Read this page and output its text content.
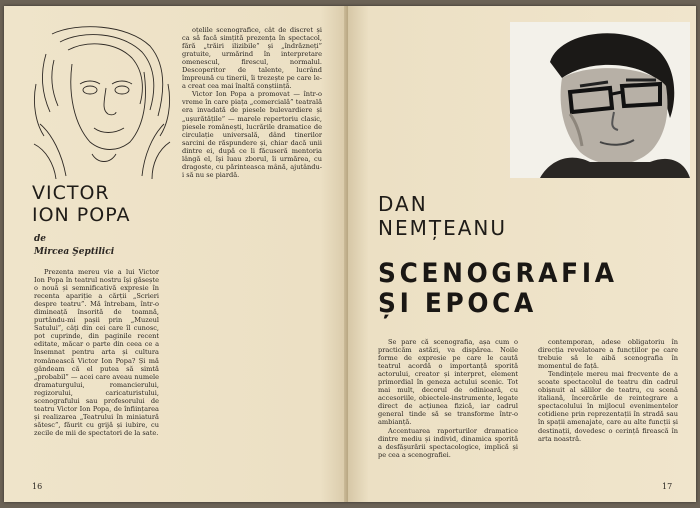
VICTOR
ION POPA
de
Mircea Şeptilici

Prezenta mereu vie a lui Victor Ion Popa în teatrul nostru își găsește o nouă și semnificativă expresie în recenta apariție a cărții „Scrieri despre teatru”. Mă întrebam, într-o dimineață însorită de toamnă, purtându-mi pașii prin „Muzeul Satului”, câți din cei care îl cunosc, pot cuprinde, din paginile recent editate, măcar o parte din ceea ce a însemnat pentru arta și cultura românească Victor Ion Popa? Și mă gândeam că el putea să simtă „probabil” — acei care aveau numele dramaturgului, romancierului, regizorului, caricaturistului, scenografului sau profesorului de teatru Victor Ion Popa, de înființarea și realizarea „Teatrului în miniatură sătesc”, făurit cu grijă și iubire, cu zecile de mii de spectatori de la sate.

oțelile scenografice, cât de discret și ca să facă simțită prezența în spectacol, fără „trăiri ilizibile” și „îndrăzneți” gratuite, urmărind în interpretare omenescul, firescul, normalul. Descoperitor de talente, lucrând împreună cu tinerii, îi trezește pe care le-a creat cea mai înaltă conștiință.

Victor Ion Popa a promovat — într-o vreme în care piața „comercială” teatrală era invadată de piesele bulevardiere și „ușurătățile” — marele repertoriu clasic, piesele românești, lucrările dramatice de circulație universală, dând tinerilor sarcini de răspundere și, chiar dacă unii dintre ei, după ce li făcuseră mentoria lângă el, își luau zborul, îi urmărea, cu dragoste, cu părinteasca mână, ajutându-i să nu se piardă.

16
DAN
NEMȚEANU
SCENOGRAFIA
ȘI EPOCA

Se pare că scenografia, așa cum o practicăm astăzi, va dispărea. Noile forme de expresie pe care le caută teatrul acordă o importanță sporită actorului, creator și interpret, element primordial în geneza actului scenic. Tot mai mult, decorul de odinioară, cu accesoriile, obiectele-instrumente, legate direct de acțiunea fizică, iar cadrul general tinde să se transforme într-o ambianță.

Accentuarea raporturilor dramatice dintre mediu și individ, dinamica sporită a desfășurării spectacologice, implică și pe cea a scenografiei.

contemporan, adese obligatoriu în direcția revelatoare a funcțiilor pe care trebuie să le aibă scenografia în momentul de față.

Tendințele mereu mai frecvente de a scoate spectacolul de teatru din cadrul obișnuit al sălilor de teatru, cu scenă italiană, încercările de reintegrare a spectacolului în mijlocul evenimentelor cotidiene prin reprezentații în stradă sau în spații amenajate, care au alte funcții și destinații, dovedesc o cerință firească în arta noastră.

17
